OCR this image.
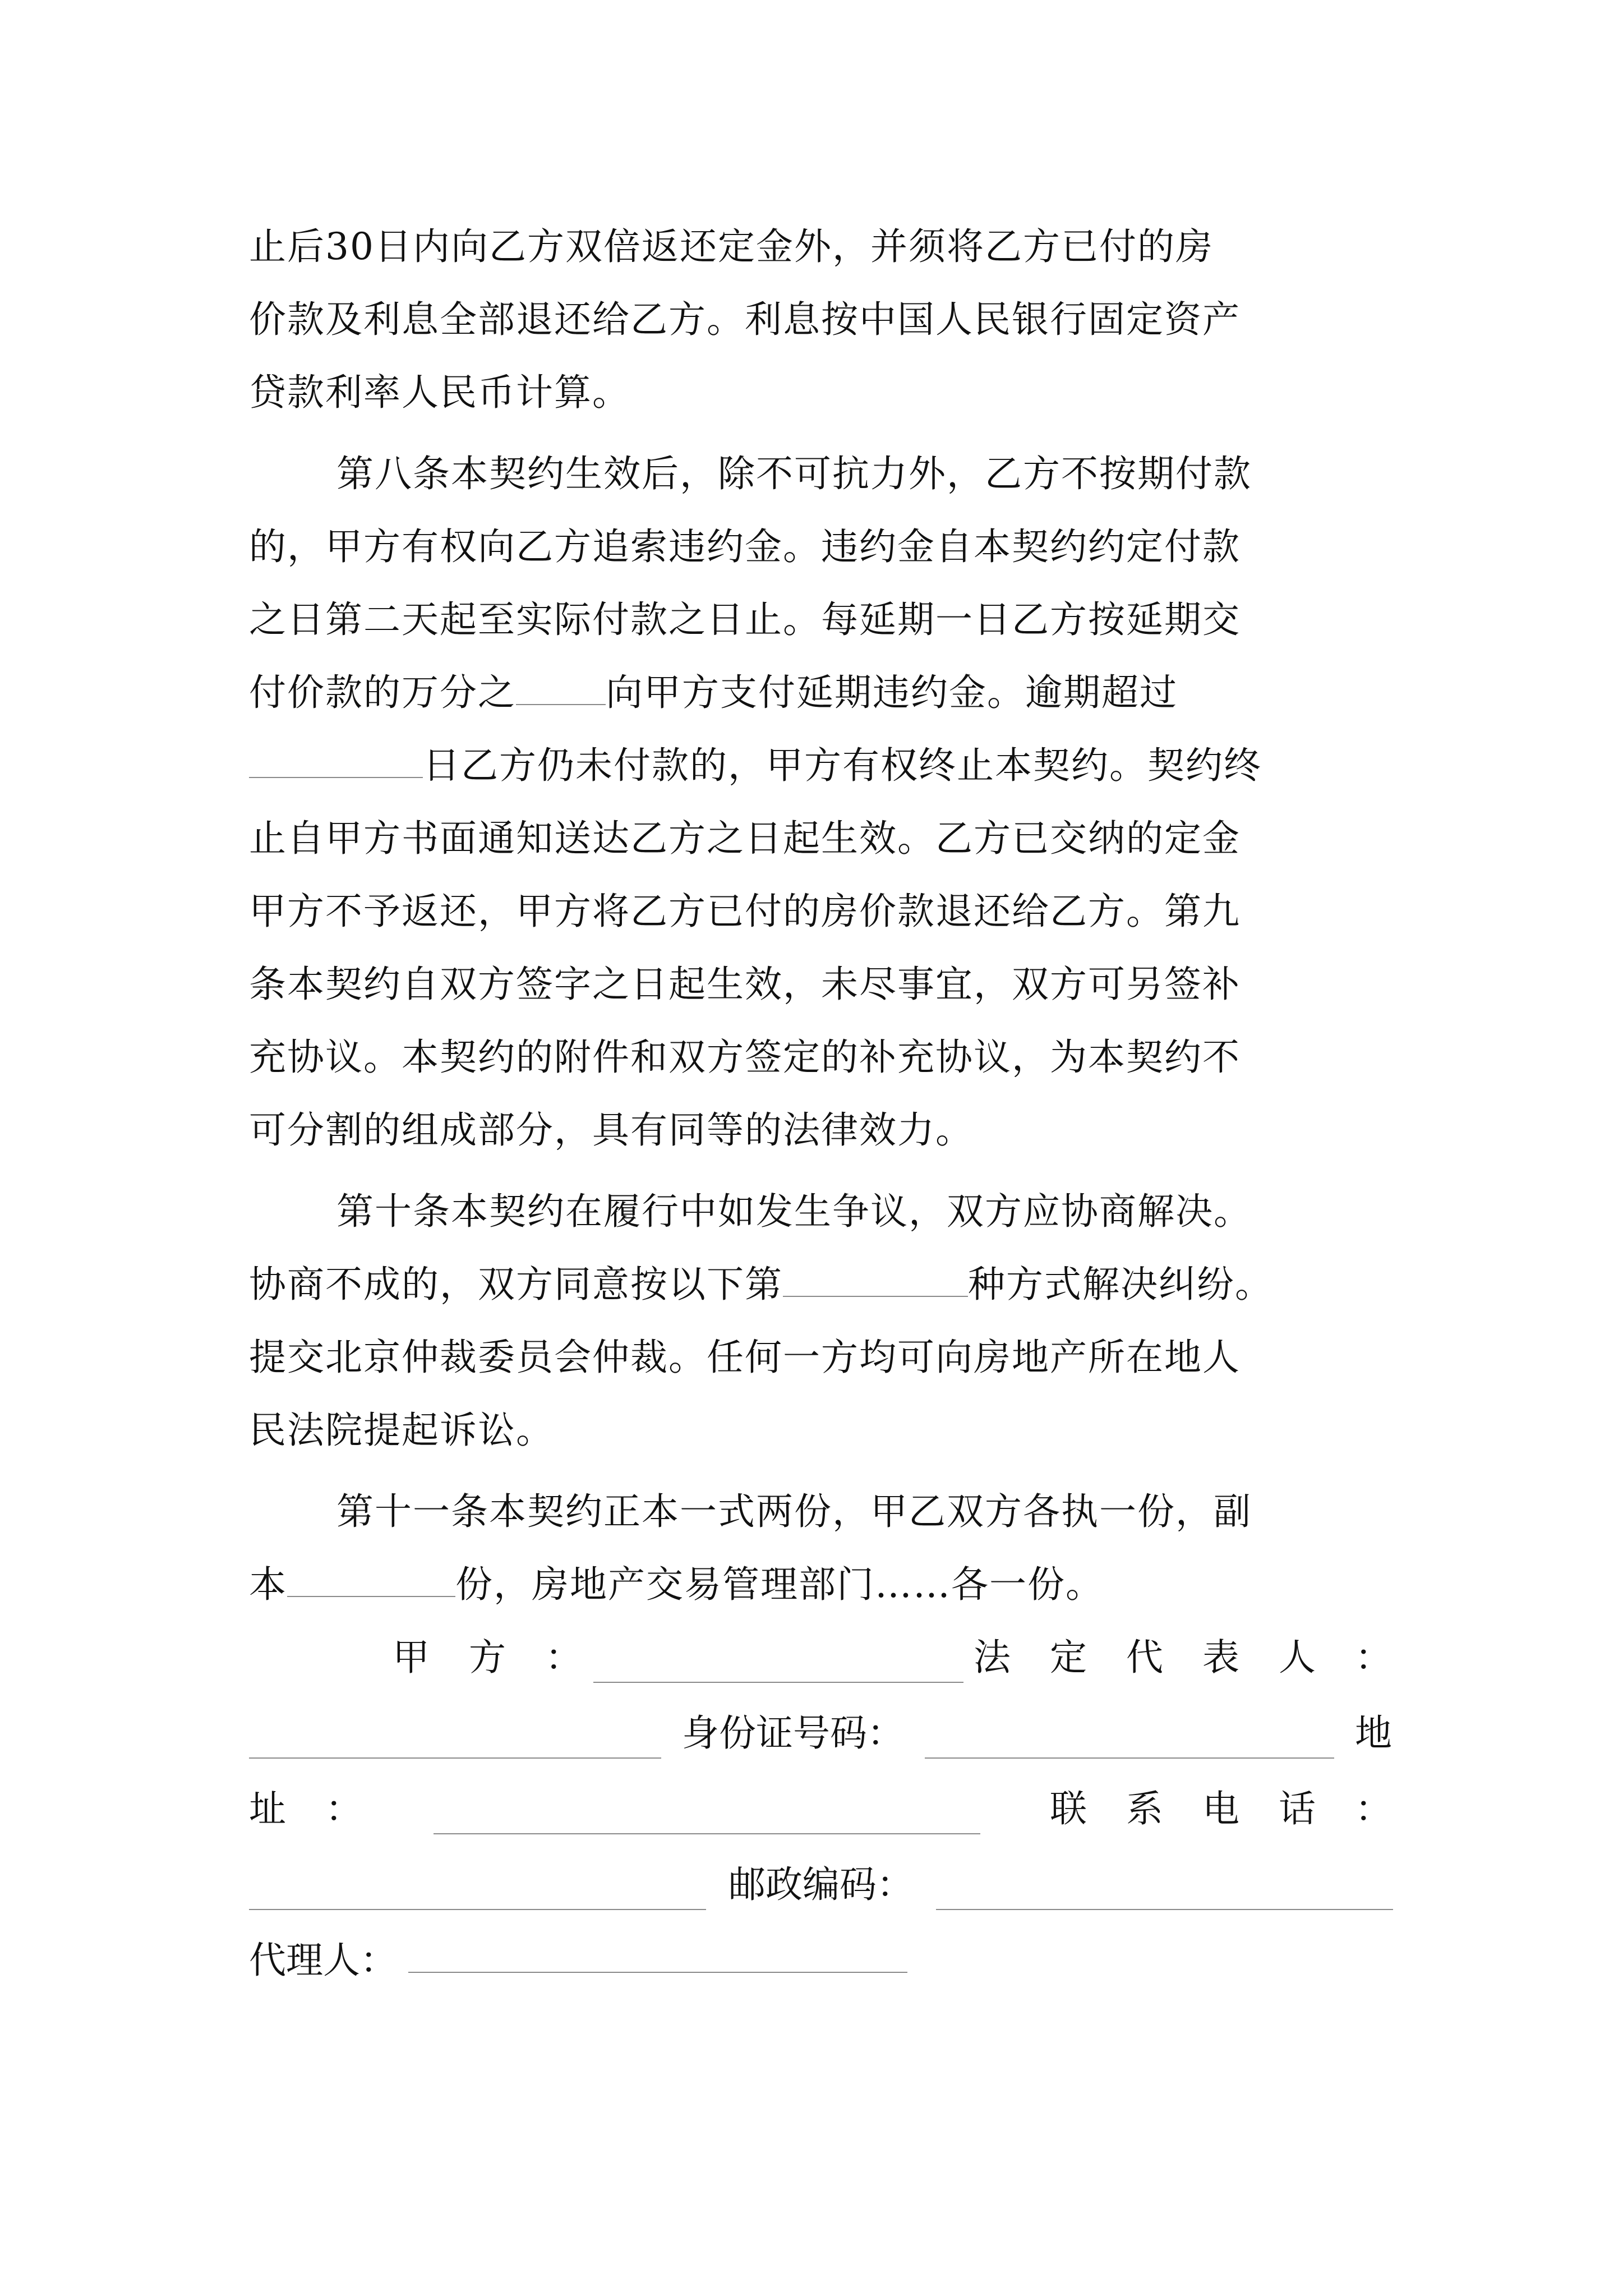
止后30日内向乙方双倍返还定金外，并须将乙方已付的房
价款及利息全部退还给乙方。利息按中国人民银行固定资产
贷款利率人民币计算。
第八条本契约生效后，除不可抗力外，乙方不按期付款
的，甲方有权向乙方追索违约金。违约金自本契约约定付款
之日第二天起至实际付款之日止。每延期一日乙方按延期交
付价款的万分之 向甲方支付延期违约金。逾期超过
日乙方仍未付款的，甲方有权终止本契约。契约终
止自甲方书面通知送达乙方之日起生效。乙方已交纳的定金
甲方不予返还，甲方将乙方已付的房价款退还给乙方。第九
条本契约自双方签字之日起生效，未尽事宜，双方可另签补
充协议。本契约的附件和双方签定的补充协议，为本契约不
可分割的组成部分，具有同等的法律效力。
第十条本契约在履行中如发生争议，双方应协商解决。
协商不成的，双方同意按以下第	种方式解决纠纷。
提交北京仲裁委员会仲裁。任何一方均可向房地产所在地人
民法院提起诉讼。
第十一条本契约正本一式两份，甲乙双方各执一份，副
本	份，房地产交易管理部门……各一份。
甲　方　：	法　定　代　表　人　：
身份证号码：	地
址　：	联　系　电　话　：
邮政编码：
代理人：
